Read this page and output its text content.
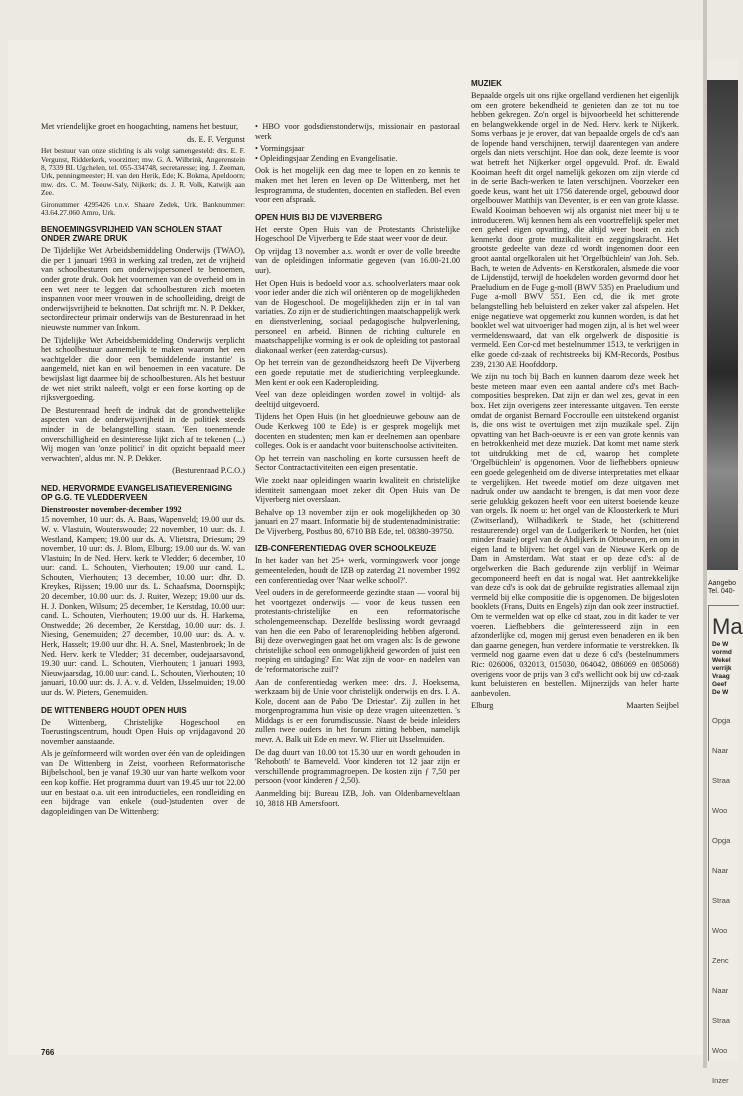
Met vriendelijke groet en hoogachting, namens het bestuur,

ds. E. F. Vergunst

Het bestuur van onze stichting is als volgt samengesteld: drs. E. F. Vergunst, Ridderkerk, voorzitter; mw. G. A. Wilbrink, Angerenstein 8, 7339 BL Ugchelen, tel. 055-334748, secretaresse; ing. J. Zeeman, Urk, penningmeester; H. van den Herik, Ede; K. Bokma, Apeldoorn; mw. drs. C. M. Teeuw-Saly, Nijkerk; ds. J. R. Volk, Katwijk aan Zee.

Gironummer 4295426 t.n.v. Shaare Zedek, Urk. Banknummer: 43.64.27.060 Amro, Urk.

BENOEMINGSVRIJHEID VAN SCHOLEN STAAT ONDER ZWARE DRUK

De Tijdelijke Wet Arbeidsbemiddeling Onderwijs (TWAO), die per 1 januari 1993 in werking zal treden, zet de vrijheid van schoolbesturen om onderwijspersoneel te benoemen, onder grote druk. Ook het voornemen van de overheid om in een wet neer te leggen dat schoolbesturen zich moeten inspannen voor meer vrouwen in de schoolleiding, dreigt de onderwijsvrijheid te beknotten. Dat schrijft mr. N. P. Dekker, sectordirecteur primair onderwijs van de Besturenraad in het nieuwste nummer van Inkom.

De Tijdelijke Wet Arbeidsbemiddeling Onderwijs verplicht het schoolbestuur aannemelijk te maken waarom het een wachtgelder die door een 'bemiddelende instantie' is aangemeld, niet kan en wil benoemen in een vacature. De bewijslast ligt daarmee bij de schoolbesturen. Als het bestuur de wet niet strikt naleeft, volgt er een forse korting op de rijksvergoeding.

De Besturenraad heeft de indruk dat de grondwettelijke aspecten van de onderwijsvrijheid in de politiek steeds minder in de belangstelling staan. 'Een toenemende onverschilligheid en desinteresse lijkt zich af te tekenen (...) Wij mogen van 'onze politici' in dit opzicht bepaald meer verwachten', aldus mr. N. P. Dekker.

(Besturenraad P.C.O.)

NED. HERVORMDE EVANGELISATIEVERENIGING OP G.G. TE VLEDDERVEEN
Dienstrooster november-december 1992

15 november, 10 uur: ds. A. Baas, Wapenveld; 19.00 uur ds. W. v. Vlastuin, Wouterswoude; 22 november, 10 uur: ds. J. Westland, Kampen; 19.00 uur ds. A. Vlietstra, Driesum; 29 november, 10 uur: ds. J. Blom, Elburg; 19.00 uur ds. W. van Vlastuin; In de Ned. Herv. kerk te Vledder; 6 december, 10 uur: cand. L. Schouten, Vierhouten; 19.00 uur cand. L. Schouten, Vierhouten; 13 december, 10.00 uur: dhr. D. Kreykes, Rijssen; 19.00 uur ds. L. Schaafsma, Doornspijk; 20 december, 10.00 uur: ds. J. Ruiter, Wezep; 19.00 uur ds. H. J. Donken, Wilsum; 25 december, 1e Kerstdag, 10.00 uur: cand. L. Schouten, Vierhouten; 19.00 uur ds. H. Harkema, Onstwedde; 26 december, 2e Kerstdag, 10.00 uur: ds. J. Niesing, Genemuiden; 27 december, 10.00 uur: ds. A. v. Herk, Hasselt; 19.00 uur dhr. H. A. Snel, Mastenbroek; In de Ned. Herv. kerk te Vledder; 31 december, oudejaarsavond, 19.30 uur: cand. L. Schouten, Vierhouten; 1 januari 1993, Nieuwjaarsdag, 10.00 uur: cand. L. Schouten, Vierhouten; 10 januari, 10.00 uur: ds. J. A. v. d. Velden, IJsselmuiden; 19.00 uur ds. W. Pieters, Genemuiden.

DE WITTENBERG HOUDT OPEN HUIS

De Wittenberg, Christelijke Hogeschool en Toerustingscentrum, houdt Open Huis op vrijdagavond 20 november aanstaande.

Als je geïnformeerd wilt worden over één van de opleidingen van De Wittenberg in Zeist, voorheen Reformatorische Bijbelschool, ben je vanaf 19.30 uur van harte welkom voor een kop koffie. Het programma duurt van 19.45 uur tot 22.00 uur en bestaat o.a. uit een introductieles, een rondleiding en een bijdrage van enkele (oud-)studenten over de dagopleidingen van De Wittenberg:

• HBO voor godsdienstonderwijs, missionair en pastoraal werk

• Vormingsjaar

• Opleidingsjaar Zending en Evangelisatie.

Ook is het mogelijk een dag mee te lopen en zo kennis te maken met het leren en leven op De Wittenberg, met het lesprogramma, de studenten, docenten en stafleden. Bel even voor een afspraak.

OPEN HUIS BIJ DE VIJVERBERG

Het eerste Open Huis van de Protestants Christelijke Hogeschool De Vijverberg te Ede staat weer voor de deur.

Op vrijdag 13 november a.s. wordt er over de volle breedte van de opleidingen informatie gegeven (van 16.00-21.00 uur).

Het Open Huis is bedoeld voor a.s. schoolverlaters maar ook voor ieder ander die zich wil oriënteren op de mogelijkheden van de Hogeschool. De mogelijkheden zijn er in tal van variaties. Zo zijn er de studierichtingen maatschappelijk werk en dienstverlening, sociaal pedagogische hulpverlening, personeel en arbeid. Binnen de richting culturele en maatschappelijke vorming is er ook de opleiding tot pastoraal diakonaal werker (een zaterdag-cursus).

Op het terrein van de gezondheidszorg heeft De Vijverberg een goede reputatie met de studierichting verpleegkunde. Men kent er ook een Kaderopleiding.

Veel van deze opleidingen worden zowel in voltijd- als deeltijd uitgevoerd.

Tijdens het Open Huis (in het gloednieuwe gebouw aan de Oude Kerkweg 100 te Ede) is er gesprek mogelijk met docenten en studenten; men kan er deelnemen aan openbare colleges. Ook is er aandacht voor buitenschoolse activiteiten.

Op het terrein van nascholing en korte cursussen heeft de Sector Contractactiviteiten een eigen presentatie.

Wie zoekt naar opleidingen waarin kwaliteit en christelijke identiteit samengaan moet zeker dit Open Huis van De Vijverberg niet overslaan.

Behalve op 13 november zijn er ook mogelijkheden op 30 januari en 27 maart. Informatie bij de studentenadministratie: De Vijverberg, Postbus 80, 6710 BB Ede, tel. 08380-39750.

IZB-CONFERENTIEDAG OVER SCHOOLKEUZE

In het kader van het 25+ werk, vormingswerk voor jonge gemeenteleden, houdt de IZB op zaterdag 21 november 1992 een conferentiedag over 'Naar welke school?'.

Veel ouders in de gereformeerde gezindte staan — vooral bij het voortgezet onderwijs — voor de keus tussen een protestants-christelijke en een reformatorische scholengemeenschap. Dezelfde beslissing wordt gevraagd van hen die een Pabo of lerarenopleiding hebben afgerond. Bij deze overwegingen gaat het om vragen als: Is de gewone christelijke school een onmogelijkheid geworden of juist een roeping en uitdaging? En: Wat zijn de voor- en nadelen van de 'reformatorische zuil'?

Aan de conferentiedag werken mee: drs. J. Hoeksema, werkzaam bij de Unie voor christelijk onderwijs en drs. I. A. Kole, docent aan de Pabo 'De Driestar'. Zij zullen in het morgenprogramma hun visie op deze vragen uiteenzetten. 's Middags is er een forumdiscussie. Naast de beide inleiders zullen twee ouders in het forum zitting hebben, namelijk mevr. A. Balk uit Ede en mevr. W. Flier uit IJsselmuiden.

De dag duurt van 10.00 tot 15.30 uur en wordt gehouden in 'Rehoboth' te Barneveld. Voor kinderen tot 12 jaar zijn er verschillende programmagroepen. De kosten zijn ƒ 7,50 per persoon (voor kinderen ƒ 2,50).

Aanmelding bij: Bureau IZB, Joh. van Oldenbarneveltlaan 10, 3818 HB Amersfoort.

MUZIEK

Bepaalde orgels uit ons rijke orgelland verdienen het eigenlijk om een grotere bekendheid te genieten dan ze tot nu toe hebben gekregen. Zo'n orgel is bijvoorbeeld het schitterende en belangwekkende orgel in de Ned. Herv. kerk te Nijkerk. Soms verbaas je je erover, dat van bepaalde orgels de cd's aan de lopende band verschijnen, terwijl daarentegen van andere orgels dan niets verschijnt. Hoe dan ook, deze leemte is voor wat betreft het Nijkerker orgel opgevuld. Prof. dr. Ewald Kooiman heeft dit orgel namelijk gekozen om zijn vierde cd in de serie Bach-werken te laten verschijnen. Voorzeker een goede keus, want het uit 1756 daterende orgel, gebouwd door orgelbouwer Matthijs van Deventer, is er een van grote klasse. Ewald Kooiman behoeven wij als organist niet meer bij u te introduceren. Wij kennen hem als een voortreffelijk speler met een geheel eigen opvatting, die altijd weer boeit en zich kenmerkt door grote muzikaliteit en zeggingskracht. Het grootste gedeelte van deze cd wordt ingenomen door een groot aantal orgelkoralen uit het 'Orgelbüchlein' van Joh. Seb. Bach, te weten de Advents- en Kerstkoralen, alsmede die voor de Lijdenstijd, terwijl de hoekdelen worden gevormd door het Praeludium en de Fuge g-moll (BWV 535) en Praeludium und Fuge a-moll BWV 551. Een cd, die ik met grote belangstelling heb beluisterd en zeker vaker zal afspelen. Het enige negatieve wat opgemerkt zou kunnen worden, is dat het booklet wel wat uitvoeriger had mogen zijn, al is het wel weer vermeldenswaard, dat van elk orgelwerk de dispositie is vermeld. Een Cor-cd met bestelnummer 1513, te verkrijgen in elke goede cd-zaak of rechtstreeks bij KM-Records, Postbus 239, 2130 AE Hoofddorp.

We zijn nu toch bij Bach en kunnen daarom deze week het beste meteen maar even een aantal andere cd's met Bach-composities bespreken. Dat zijn er dan wel zes, gevat in een box. Het zijn overigens zeer interessante uitgaven. Ten eerste omdat de organist Bernard Foccroulle een uitstekend organist is, die ons wist te overtuigen met zijn muzikale spel. Zijn opvatting van het Bach-oeuvre is er een van grote kennis van en betrokkenheid met deze muziek. Dat komt met name sterk tot uitdrukking met de cd, waarop het complete 'Orgelbüchlein' is opgenomen. Voor de liefhebbers opnieuw een goede gelegenheid om de diverse interpretaties met elkaar te vergelijken. Het tweede motief om deze uitgaven met nadruk onder uw aandacht te brengen, is dat men voor deze serie gelukkig gekozen heeft voor een uiterst boeiende keuze van orgels. Ik noem u: het orgel van de Kloosterkerk te Muri (Zwitserland), Wilhadikerk te Stade, het (schitterend restaurerende) orgel van de Ludgerikerk te Norden, het (niet minder fraaie) orgel van de Abdijkerk in Ottobeuren, en om in eigen land te blijven: het orgel van de Nieuwe Kerk op de Dam in Amsterdam. Wat staat er op deze cd's: al de orgelwerken die Bach gedurende zijn verblijf in Weimar gecomponeerd heeft en dat is nogal wat. Het aantrekkelijke van deze cd's is ook dat de gebruikte registraties allemaal zijn vermeld bij elke compositie die is opgenomen. De bijgesloten booklets (Frans, Duits en Engels) zijn dan ook zeer instructief. Om te vermelden wat op elke cd staat, zou in dit kader te ver voeren. Liefhebbers die geïnteresseerd zijn in een afzonderlijke cd, mogen mij gerust even benaderen en ik ben dan gaarne genegen, hun verdere informatie te verstrekken. Ik vermeld nog gaarne even dat u deze 6 cd's (bestelnummers Ric: 026006, 032013, 015030, 064042, 086069 en 085068) overigens voor de prijs van 3 cd's wellicht ook bij uw cd-zaak kunt beluisteren en bestellen. Mijnerzijds van heler harte aanbevolen.

Elburg	Maarten Seijbel
766
Aangebo
Tel. 040-
Ma
De W
vormd
Wekel
verrijk
Vraag
Geef
De W
Opga
Naar
Straa
Woo
Opga
Naar
Straa
Woo
Zenc
Naar
Straa
Woo
Inzer
